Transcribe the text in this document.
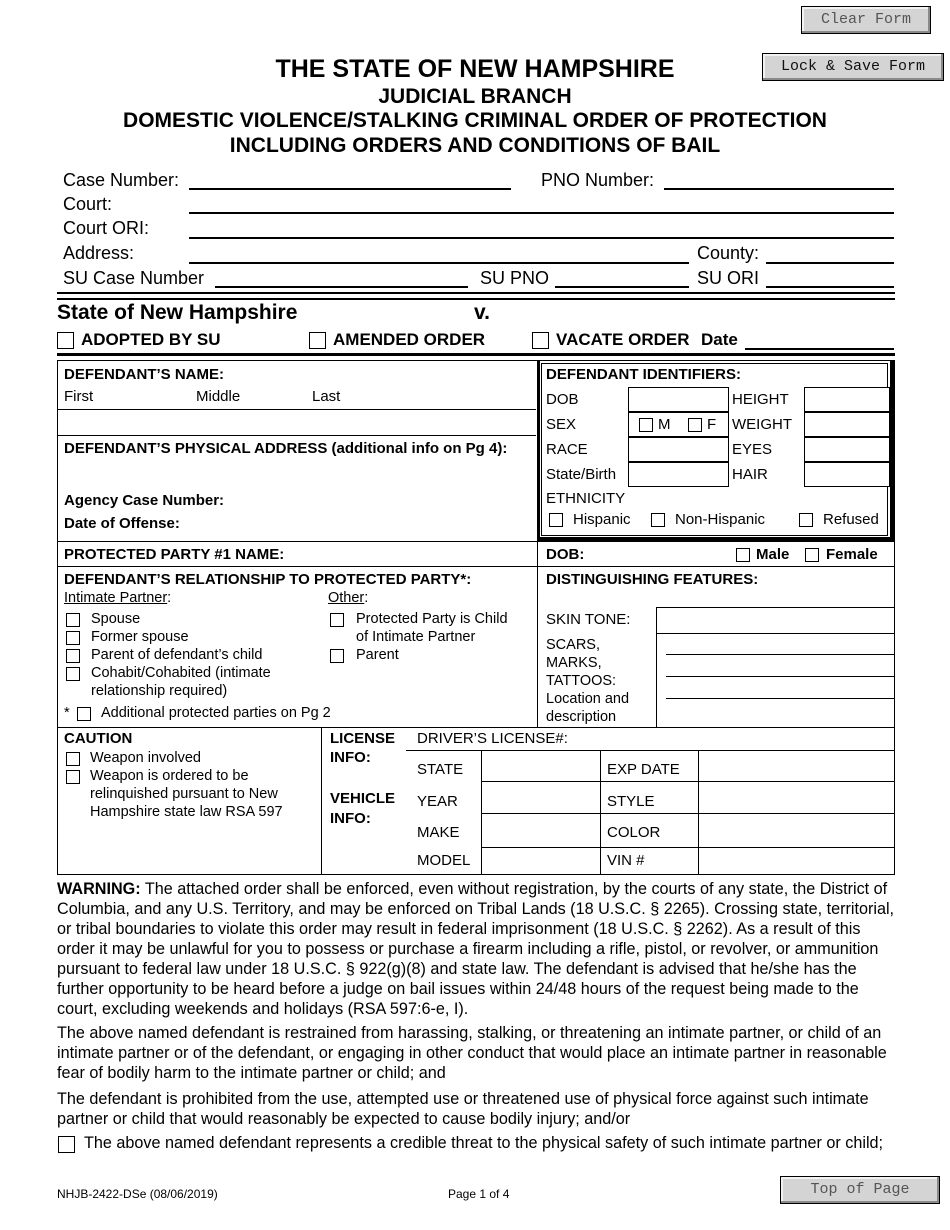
Clear Form
Lock & Save Form
Top of Page
THE STATE OF NEW HAMPSHIRE
JUDICIAL BRANCH
DOMESTIC VIOLENCE/STALKING CRIMINAL ORDER OF PROTECTION
INCLUDING ORDERS AND CONDITIONS OF BAIL
Case Number:	PNO Number:
Court:
Court ORI:
Address:	County:
SU Case Number	SU PNO	SU ORI
State of New Hampshire	v.
ADOPTED BY SU	AMENDED ORDER	VACATE ORDER Date
DEFENDANT’S NAME:
First	Middle	Last
DEFENDANT’S PHYSICAL ADDRESS (additional info on Pg 4):
Agency Case Number:
Date of Offense:
DEFENDANT IDENTIFIERS:
DOB	HEIGHT
SEX	M F WEIGHT
RACE	EYES
State/Birth	HAIR
ETHNICITY
Hispanic	Non-Hispanic	Refused
PROTECTED PARTY #1 NAME:	DOB:	Male Female
DEFENDANT’S RELATIONSHIP TO PROTECTED PARTY*:
Intimate Partner:	Other:
Spouse
Former spouse
Parent of defendant’s child
Cohabit/Cohabited (intimate
relationship required)
Protected Party is Child
of Intimate Partner
Parent
* Additional protected parties on Pg 2
DISTINGUISHING FEATURES:
SKIN TONE:
SCARS,
MARKS,
TATTOOS:
Location and
description
CAUTION
Weapon involved
Weapon is ordered to be
relinquished pursuant to New
Hampshire state law RSA 597
LICENSE
INFO:
VEHICLE
INFO:
DRIVER’S LICENSE#:
STATE	EXP DATE
YEAR	STYLE
MAKE	COLOR
MODEL	VIN #
WARNING: The attached order shall be enforced, even without registration, by the courts of any state, the District of Columbia, and any U.S. Territory, and may be enforced on Tribal Lands (18 U.S.C. § 2265). Crossing state, territorial, or tribal boundaries to violate this order may result in federal imprisonment (18 U.S.C. § 2262). As a result of this order it may be unlawful for you to possess or purchase a firearm including a rifle, pistol, or revolver, or ammunition pursuant to federal law under 18 U.S.C. § 922(g)(8) and state law. The defendant is advised that he/she has the further opportunity to be heard before a judge on bail issues within 24/48 hours of the request being made to the court, excluding weekends and holidays (RSA 597:6-e, I).
The above named defendant is restrained from harassing, stalking, or threatening an intimate partner, or child of an intimate partner or of the defendant, or engaging in other conduct that would place an intimate partner in reasonable fear of bodily harm to the intimate partner or child; and
The defendant is prohibited from the use, attempted use or threatened use of physical force against such intimate partner or child that would reasonably be expected to cause bodily injury; and/or
The above named defendant represents a credible threat to the physical safety of such intimate partner or child;
NHJB-2422-DSe (08/06/2019)	Page 1 of 4
